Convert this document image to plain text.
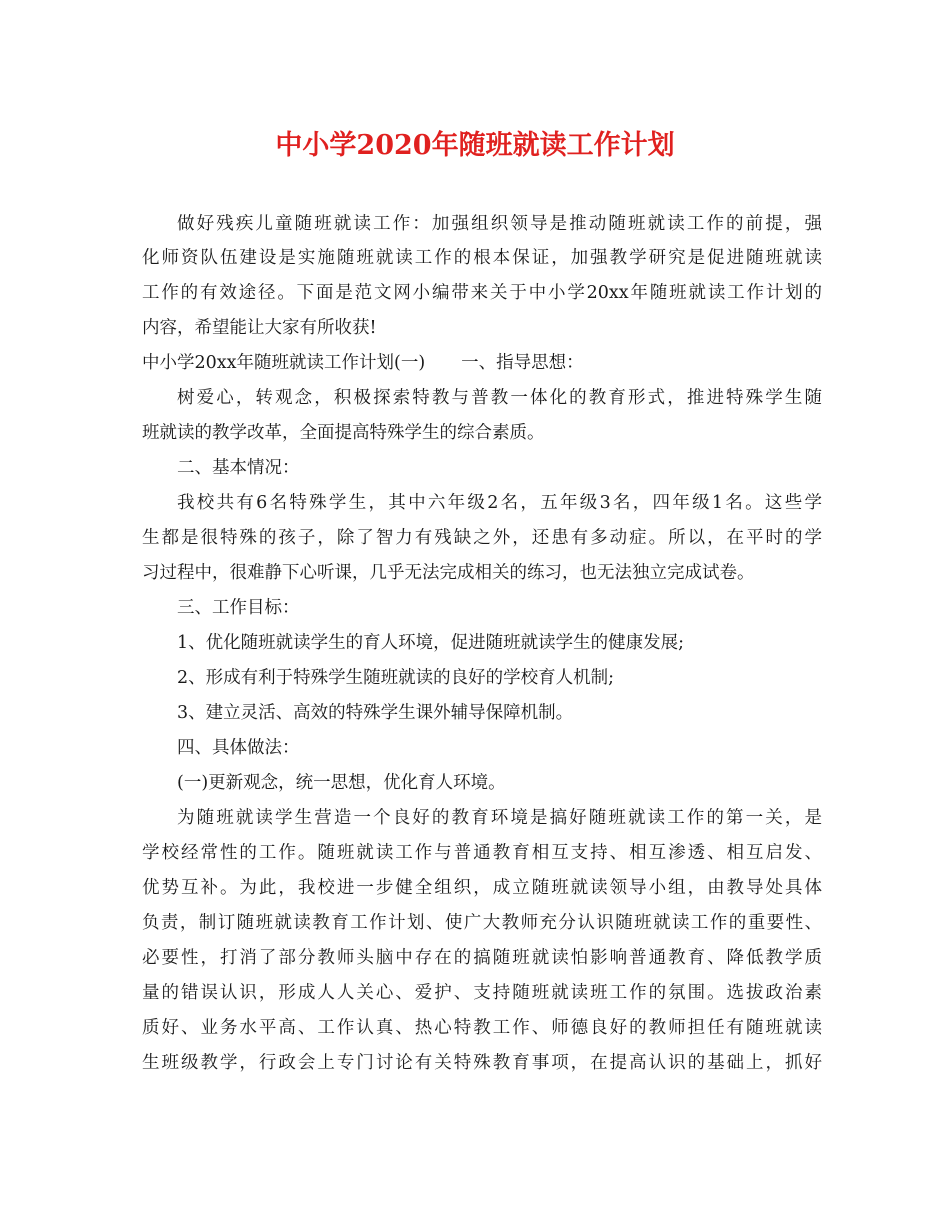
中小学2020年随班就读工作计划
做好残疾儿童随班就读工作：加强组织领导是推动随班就读工作的前提，强
化师资队伍建设是实施随班就读工作的根本保证，加强教学研究是促进随班就读
工作的有效途径。下面是范文网小编带来关于中小学20xx年随班就读工作计划的
内容，希望能让大家有所收获!
中小学20xx年随班就读工作计划(一) 一、指导思想：
树爱心，转观念，积极探索特教与普教一体化的教育形式，推进特殊学生随
班就读的教学改革，全面提高特殊学生的综合素质。
二、基本情况：
我校共有6名特殊学生，其中六年级2名，五年级3名，四年级1名。这些学
生都是很特殊的孩子，除了智力有残缺之外，还患有多动症。所以，在平时的学
习过程中，很难静下心听课，几乎无法完成相关的练习，也无法独立完成试卷。
三、工作目标：
1、优化随班就读学生的育人环境，促进随班就读学生的健康发展;
2、形成有利于特殊学生随班就读的良好的学校育人机制;
3、建立灵活、高效的特殊学生课外辅导保障机制。
四、具体做法：
(一)更新观念，统一思想，优化育人环境。
为随班就读学生营造一个良好的教育环境是搞好随班就读工作的第一关，是
学校经常性的工作。随班就读工作与普通教育相互支持、相互渗透、相互启发、
优势互补。为此，我校进一步健全组织，成立随班就读领导小组，由教导处具体
负责，制订随班就读教育工作计划、使广大教师充分认识随班就读工作的重要性、
必要性，打消了部分教师头脑中存在的搞随班就读怕影响普通教育、降低教学质
量的错误认识，形成人人关心、爱护、支持随班就读班工作的氛围。选拔政治素
质好、业务水平高、工作认真、热心特教工作、师德良好的教师担任有随班就读
生班级教学，行政会上专门讨论有关特殊教育事项，在提高认识的基础上，抓好
